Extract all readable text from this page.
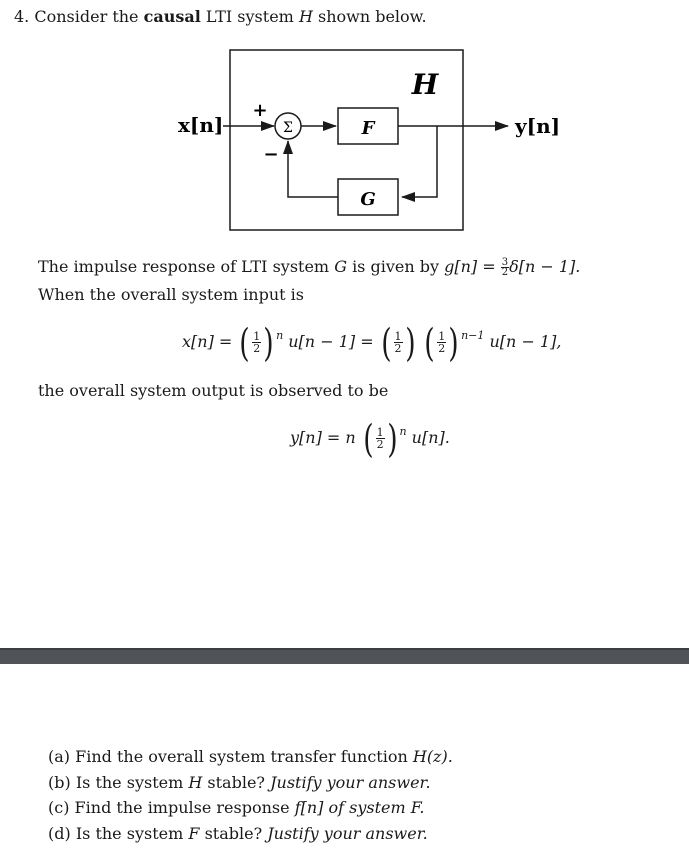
4. Consider the causal LTI system H shown below.
H
x[n]	Σ
+
−
F	y[n]
G
The impulse response of LTI system G is given by $g[n] = \frac{3}{2} \delta[n - 1]$.
When the overall system input is
x[n] = ( $\frac{1}{2}$ ) $^n$ u[n − 1] = ( $\frac{1}{2}$ ) ( $\frac{1}{2}$ ) $^{n-1}$ u[n − 1],
the overall system output is observed to be
y[n] = n ( $\frac{1}{2}$ ) $^n$ u[n].
(a) Find the overall system transfer function H(z).
(b) Is the system H stable? Justify your answer.
(c) Find the impulse response f[n] of system F.
(d) Is the system F stable? Justify your answer.
